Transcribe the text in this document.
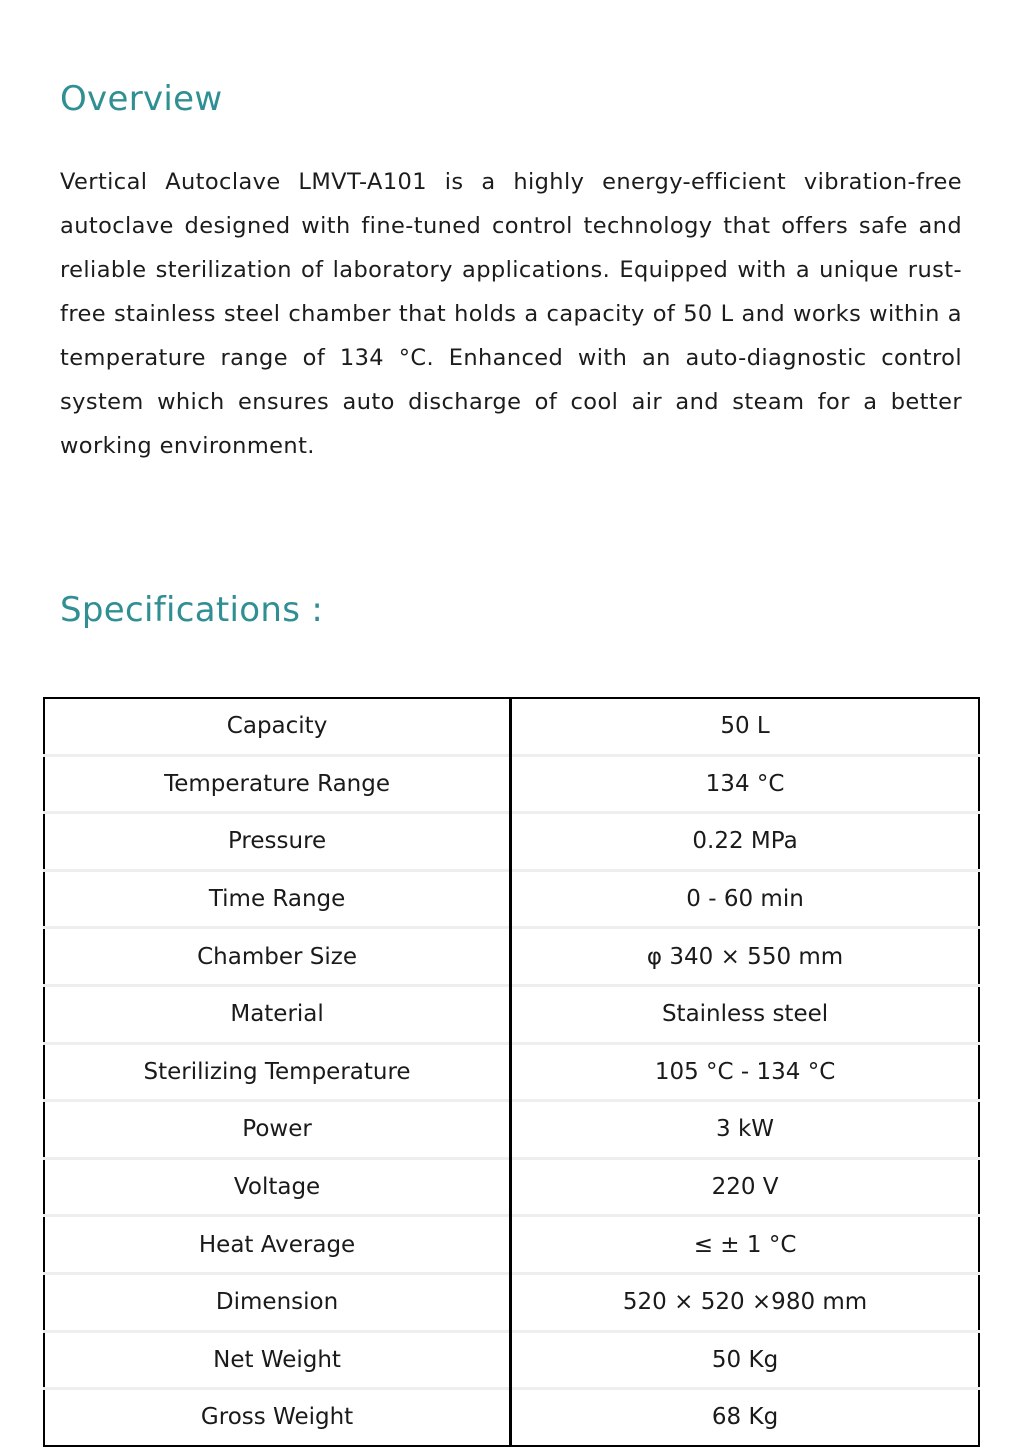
Overview

Vertical Autoclave LMVT-A101 is a highly energy-efficient vibration-free autoclave designed with fine-tuned control technology that offers safe and reliable sterilization of laboratory applications. Equipped with a unique rust-free stainless steel chamber that holds a capacity of 50 L and works within a temperature range of 134 °C. Enhanced with an auto-diagnostic control system which ensures auto discharge of cool air and steam for a better working environment.

Specifications :
Capacity	50 L
Temperature Range	134 °C
Pressure	0.22 MPa
Time Range	0 - 60 min
Chamber Size	φ 340 × 550 mm
Material	Stainless steel
Sterilizing Temperature	105 °C - 134 °C
Power	3 kW
Voltage	220 V
Heat Average	≤ ± 1 °C
Dimension	520 × 520 ×980 mm
Net Weight	50 Kg
Gross Weight	68 Kg
